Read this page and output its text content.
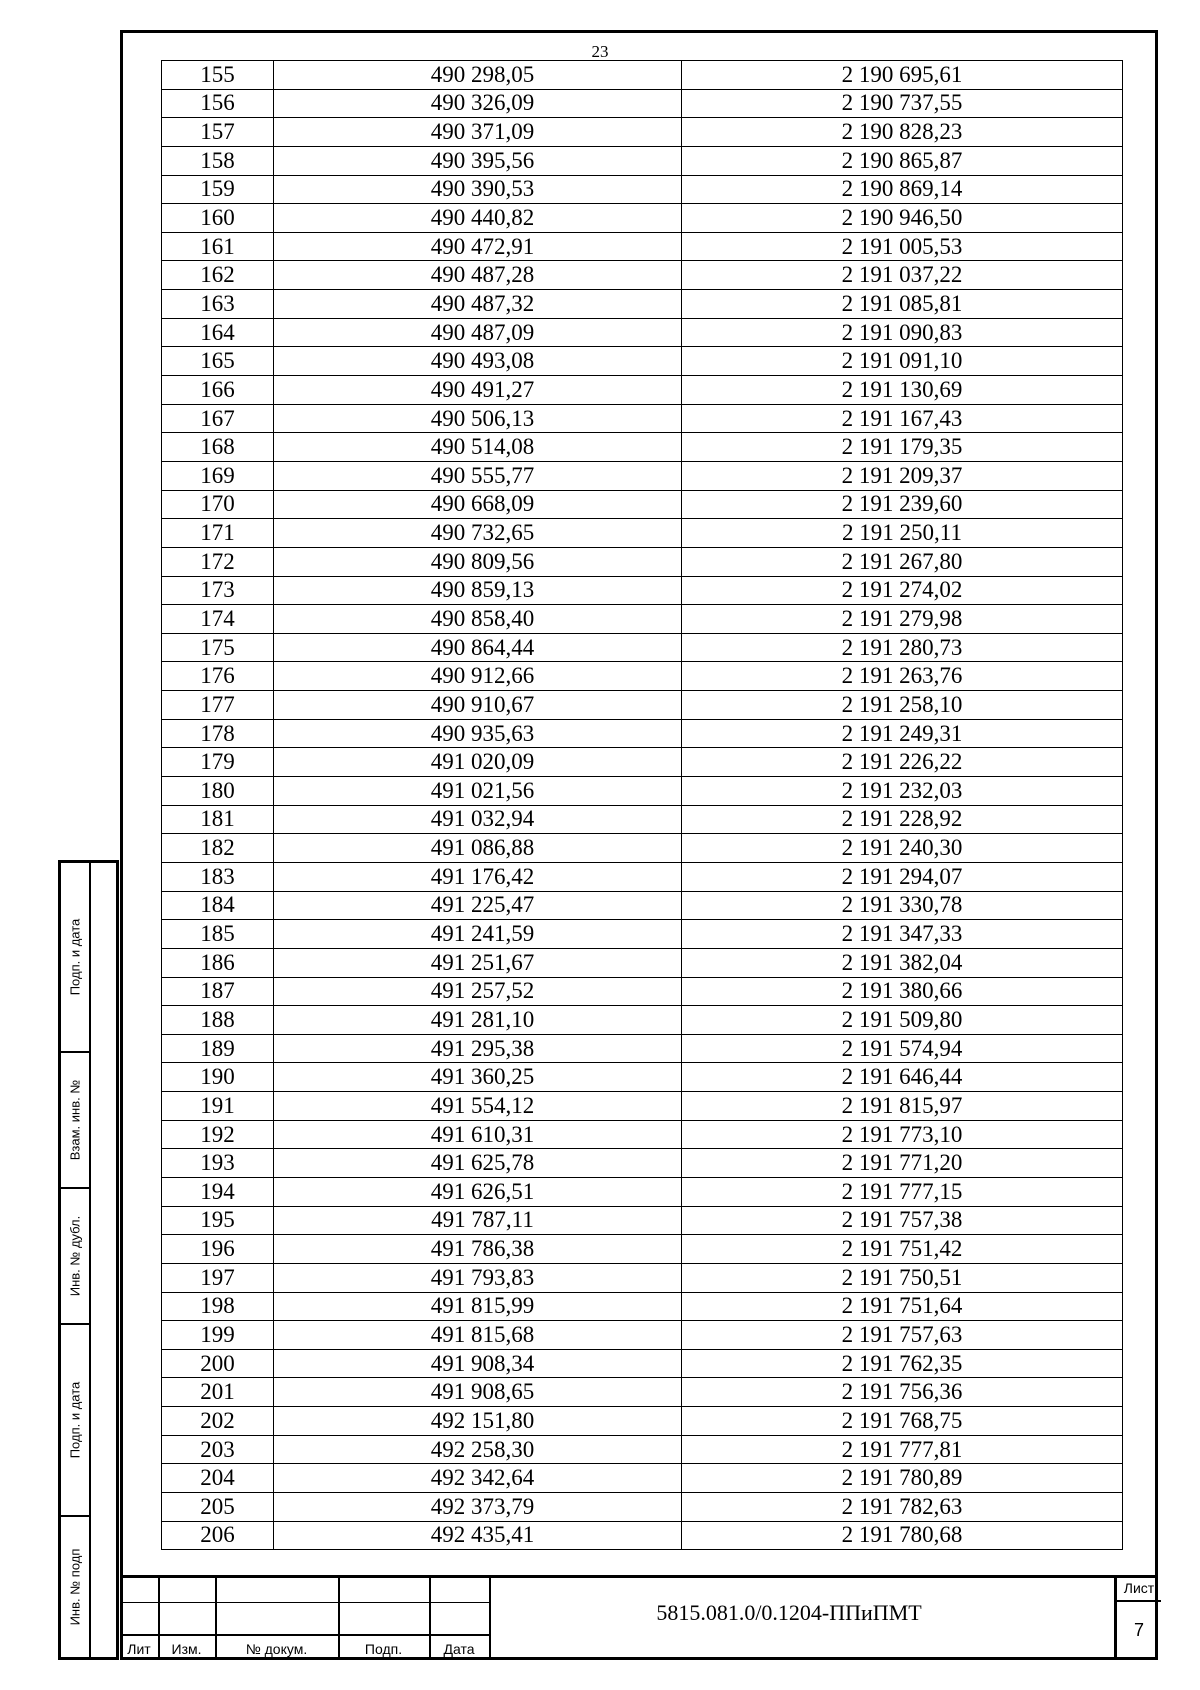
23
155	490 298,05	2 190 695,61
156	490 326,09	2 190 737,55
157	490 371,09	2 190 828,23
158	490 395,56	2 190 865,87
159	490 390,53	2 190 869,14
160	490 440,82	2 190 946,50
161	490 472,91	2 191 005,53
162	490 487,28	2 191 037,22
163	490 487,32	2 191 085,81
164	490 487,09	2 191 090,83
165	490 493,08	2 191 091,10
166	490 491,27	2 191 130,69
167	490 506,13	2 191 167,43
168	490 514,08	2 191 179,35
169	490 555,77	2 191 209,37
170	490 668,09	2 191 239,60
171	490 732,65	2 191 250,11
172	490 809,56	2 191 267,80
173	490 859,13	2 191 274,02
174	490 858,40	2 191 279,98
175	490 864,44	2 191 280,73
176	490 912,66	2 191 263,76
177	490 910,67	2 191 258,10
178	490 935,63	2 191 249,31
179	491 020,09	2 191 226,22
180	491 021,56	2 191 232,03
181	491 032,94	2 191 228,92
182	491 086,88	2 191 240,30
183	491 176,42	2 191 294,07
184	491 225,47	2 191 330,78
185	491 241,59	2 191 347,33
186	491 251,67	2 191 382,04
187	491 257,52	2 191 380,66
188	491 281,10	2 191 509,80
189	491 295,38	2 191 574,94
190	491 360,25	2 191 646,44
191	491 554,12	2 191 815,97
192	491 610,31	2 191 773,10
193	491 625,78	2 191 771,20
194	491 626,51	2 191 777,15
195	491 787,11	2 191 757,38
196	491 786,38	2 191 751,42
197	491 793,83	2 191 750,51
198	491 815,99	2 191 751,64
199	491 815,68	2 191 757,63
200	491 908,34	2 191 762,35
201	491 908,65	2 191 756,36
202	492 151,80	2 191 768,75
203	492 258,30	2 191 777,81
204	492 342,64	2 191 780,89
205	492 373,79	2 191 782,63
206	492 435,41	2 191 780,68
Подп. и дата
Взам. инв. №
Инв. № дубл.
Подп. и дата
Инв. № подп
Лит	Изм.	№ докум.	Подп.	Дата
5815.081.0/0.1204-ППиПМТ
Лист
7
